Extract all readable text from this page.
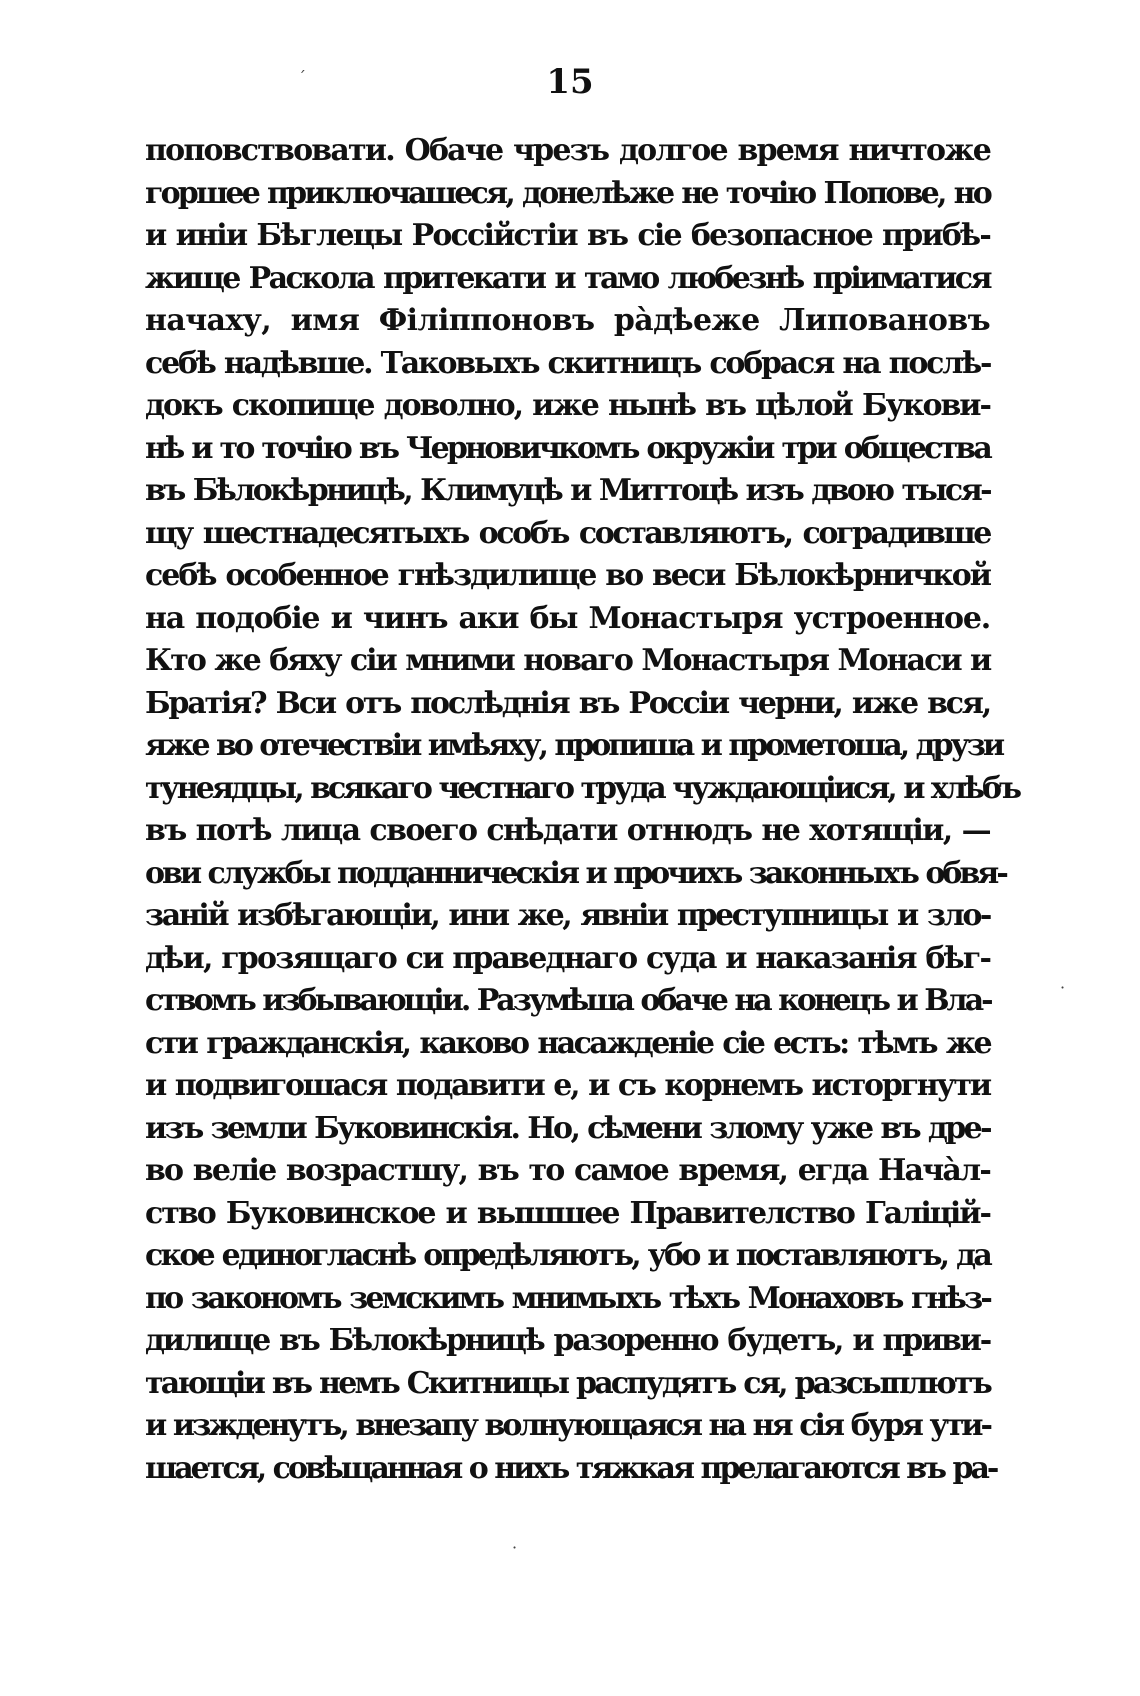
´
·
·
15
поповствовати. Обаче чрезъ долгое время ничтоже
горшее приключашеся, донелѣже не точію Попове, но
и иніи Бѣглецы Россійстіи въ сіе безопасное прибѣ-
жище Раскола притекати и тамо любезнѣ пріиматися
начаху, имя Філіппоновъ рàдѣеже Липовановъ
себѣ надѣвше. Таковыхъ скитницъ собрася на послѣ-
докъ скопище доволно, иже нынѣ въ цѣлой Букови-
нѣ и то точію въ Черновичкомъ окружіи три общества
въ Бѣлокѣрницѣ, Климуцѣ и Миттоцѣ изъ двою тыся-
щу шестнадесятыхъ особъ составляютъ, соградивше
себѣ особенное гнѣздилище во веси Бѣлокѣрничкой
на подобіе и чинъ аки бы Монастыря устроенное.
Кто же бяху сіи мними новаго Монастыря Монаси и
Братія? Вси отъ послѣднія въ Россіи черни, иже вся,
яже во отечествіи имѣяху, пропиша и прометоша, друзи
тунеядцы, всякаго честнаго труда чуждающіися, и хлѣбъ
въ потѣ лица своего снѣдати отнюдъ не хотящіи, —
ови службы подданническія и прочихъ законныхъ обвя-
заній избѣгающіи, ини же, явніи преступницы и зло-
дѣи, грозящаго си праведнаго суда и наказанія бѣг-
ствомъ избывающіи. Разумѣша обаче на конецъ и Вла-
сти гражданскія, каково насажденіе сіе есть: тѣмъ же
и подвигошася подавити е, и съ корнемъ исторгнути
изъ земли Буковинскія. Но, сѣмени злому уже въ дре-
во веліе возрастшу, въ то самое время, егда Начàл-
ство Буковинское и вышшее Правителство Галіцій-
ское единогласнѣ опредѣляютъ, убо и поставляютъ, да
по закономъ земскимъ мнимыхъ тѣхъ Монаховъ гнѣз-
дилище въ Бѣлокѣрницѣ разоренно будетъ, и приви-
тающіи въ немъ Скитницы распудятъ ся, разсыплютъ
и изжденутъ, внезапу волнующаяся на ня сія буря ути-
шается, совѣщанная о нихъ тяжкая прелагаются въ ра-
